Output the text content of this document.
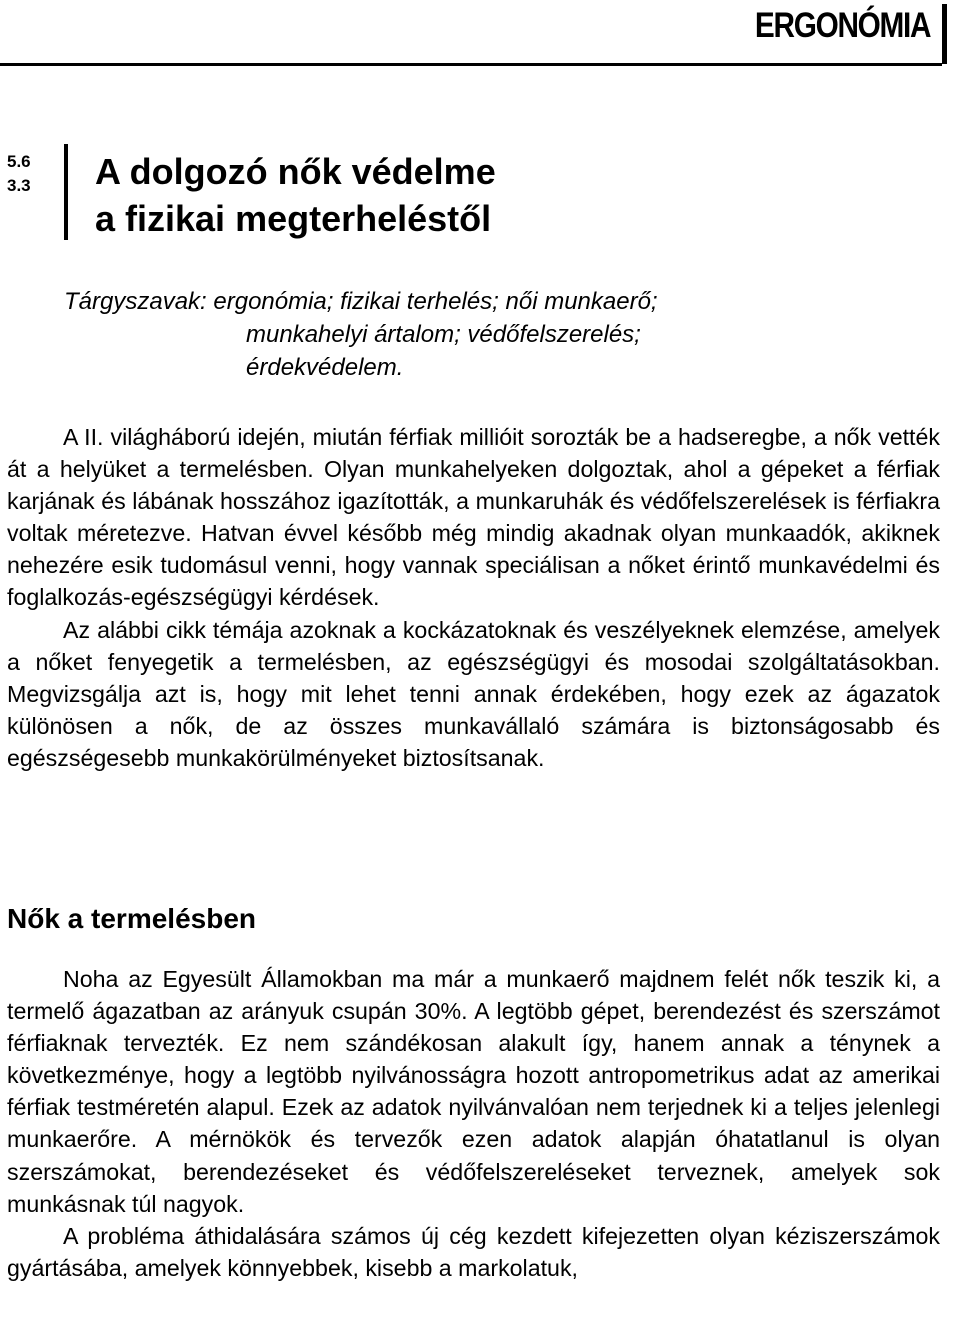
ERGONÓMIA
5.6
3.3 A dolgozó nők védelme
a fizikai megterheléstől
Tárgyszavak: ergonómia; fizikai terhelés; női munkaerő;
munkahelyi ártalom; védőfelszerelés; érdekvédelem.

A II. világháború idején, miután férfiak millióit sorozták be a hadseregbe, a nők vették át a helyüket a termelésben. Olyan munkahelyeken dolgoztak, ahol a gépeket a férfiak karjának és lábának hosszához igazították, a munkaruhák és védőfelszerelések is férfiakra voltak méretezve. Hatvan évvel később még mindig akadnak olyan munkaadók, akiknek nehezére esik tudomásul venni, hogy vannak speciálisan a nőket érintő munkavédelmi és foglalkozás-egészségügyi kérdések.

Az alábbi cikk témája azoknak a kockázatoknak és veszélyeknek elemzése, amelyek a nőket fenyegetik a termelésben, az egészségügyi és mosodai szolgáltatásokban. Megvizsgálja azt is, hogy mit lehet tenni annak érdekében, hogy ezek az ágazatok különösen a nők, de az összes munkavállaló számára is biztonságosabb és egészségesebb munkakörülményeket biztosítsanak.

Nők a termelésben

Noha az Egyesült Államokban ma már a munkaerő majdnem felét nők teszik ki, a termelő ágazatban az arányuk csupán 30%. A legtöbb gépet, berendezést és szerszámot férfiaknak tervezték. Ez nem szándékosan alakult így, hanem annak a ténynek a következménye, hogy a legtöbb nyilvánosságra hozott antropometrikus adat az amerikai férfiak testméretén alapul. Ezek az adatok nyilvánvalóan nem terjednek ki a teljes jelenlegi munkaerőre. A mérnökök és tervezők ezen adatok alapján óhatatlanul is olyan szerszámokat, berendezéseket és védőfelszereléseket terveznek, amelyek sok munkásnak túl nagyok.

A probléma áthidalására számos új cég kezdett kifejezetten olyan kéziszerszámok gyártásába, amelyek könnyebbek, kisebb a markolatuk,
